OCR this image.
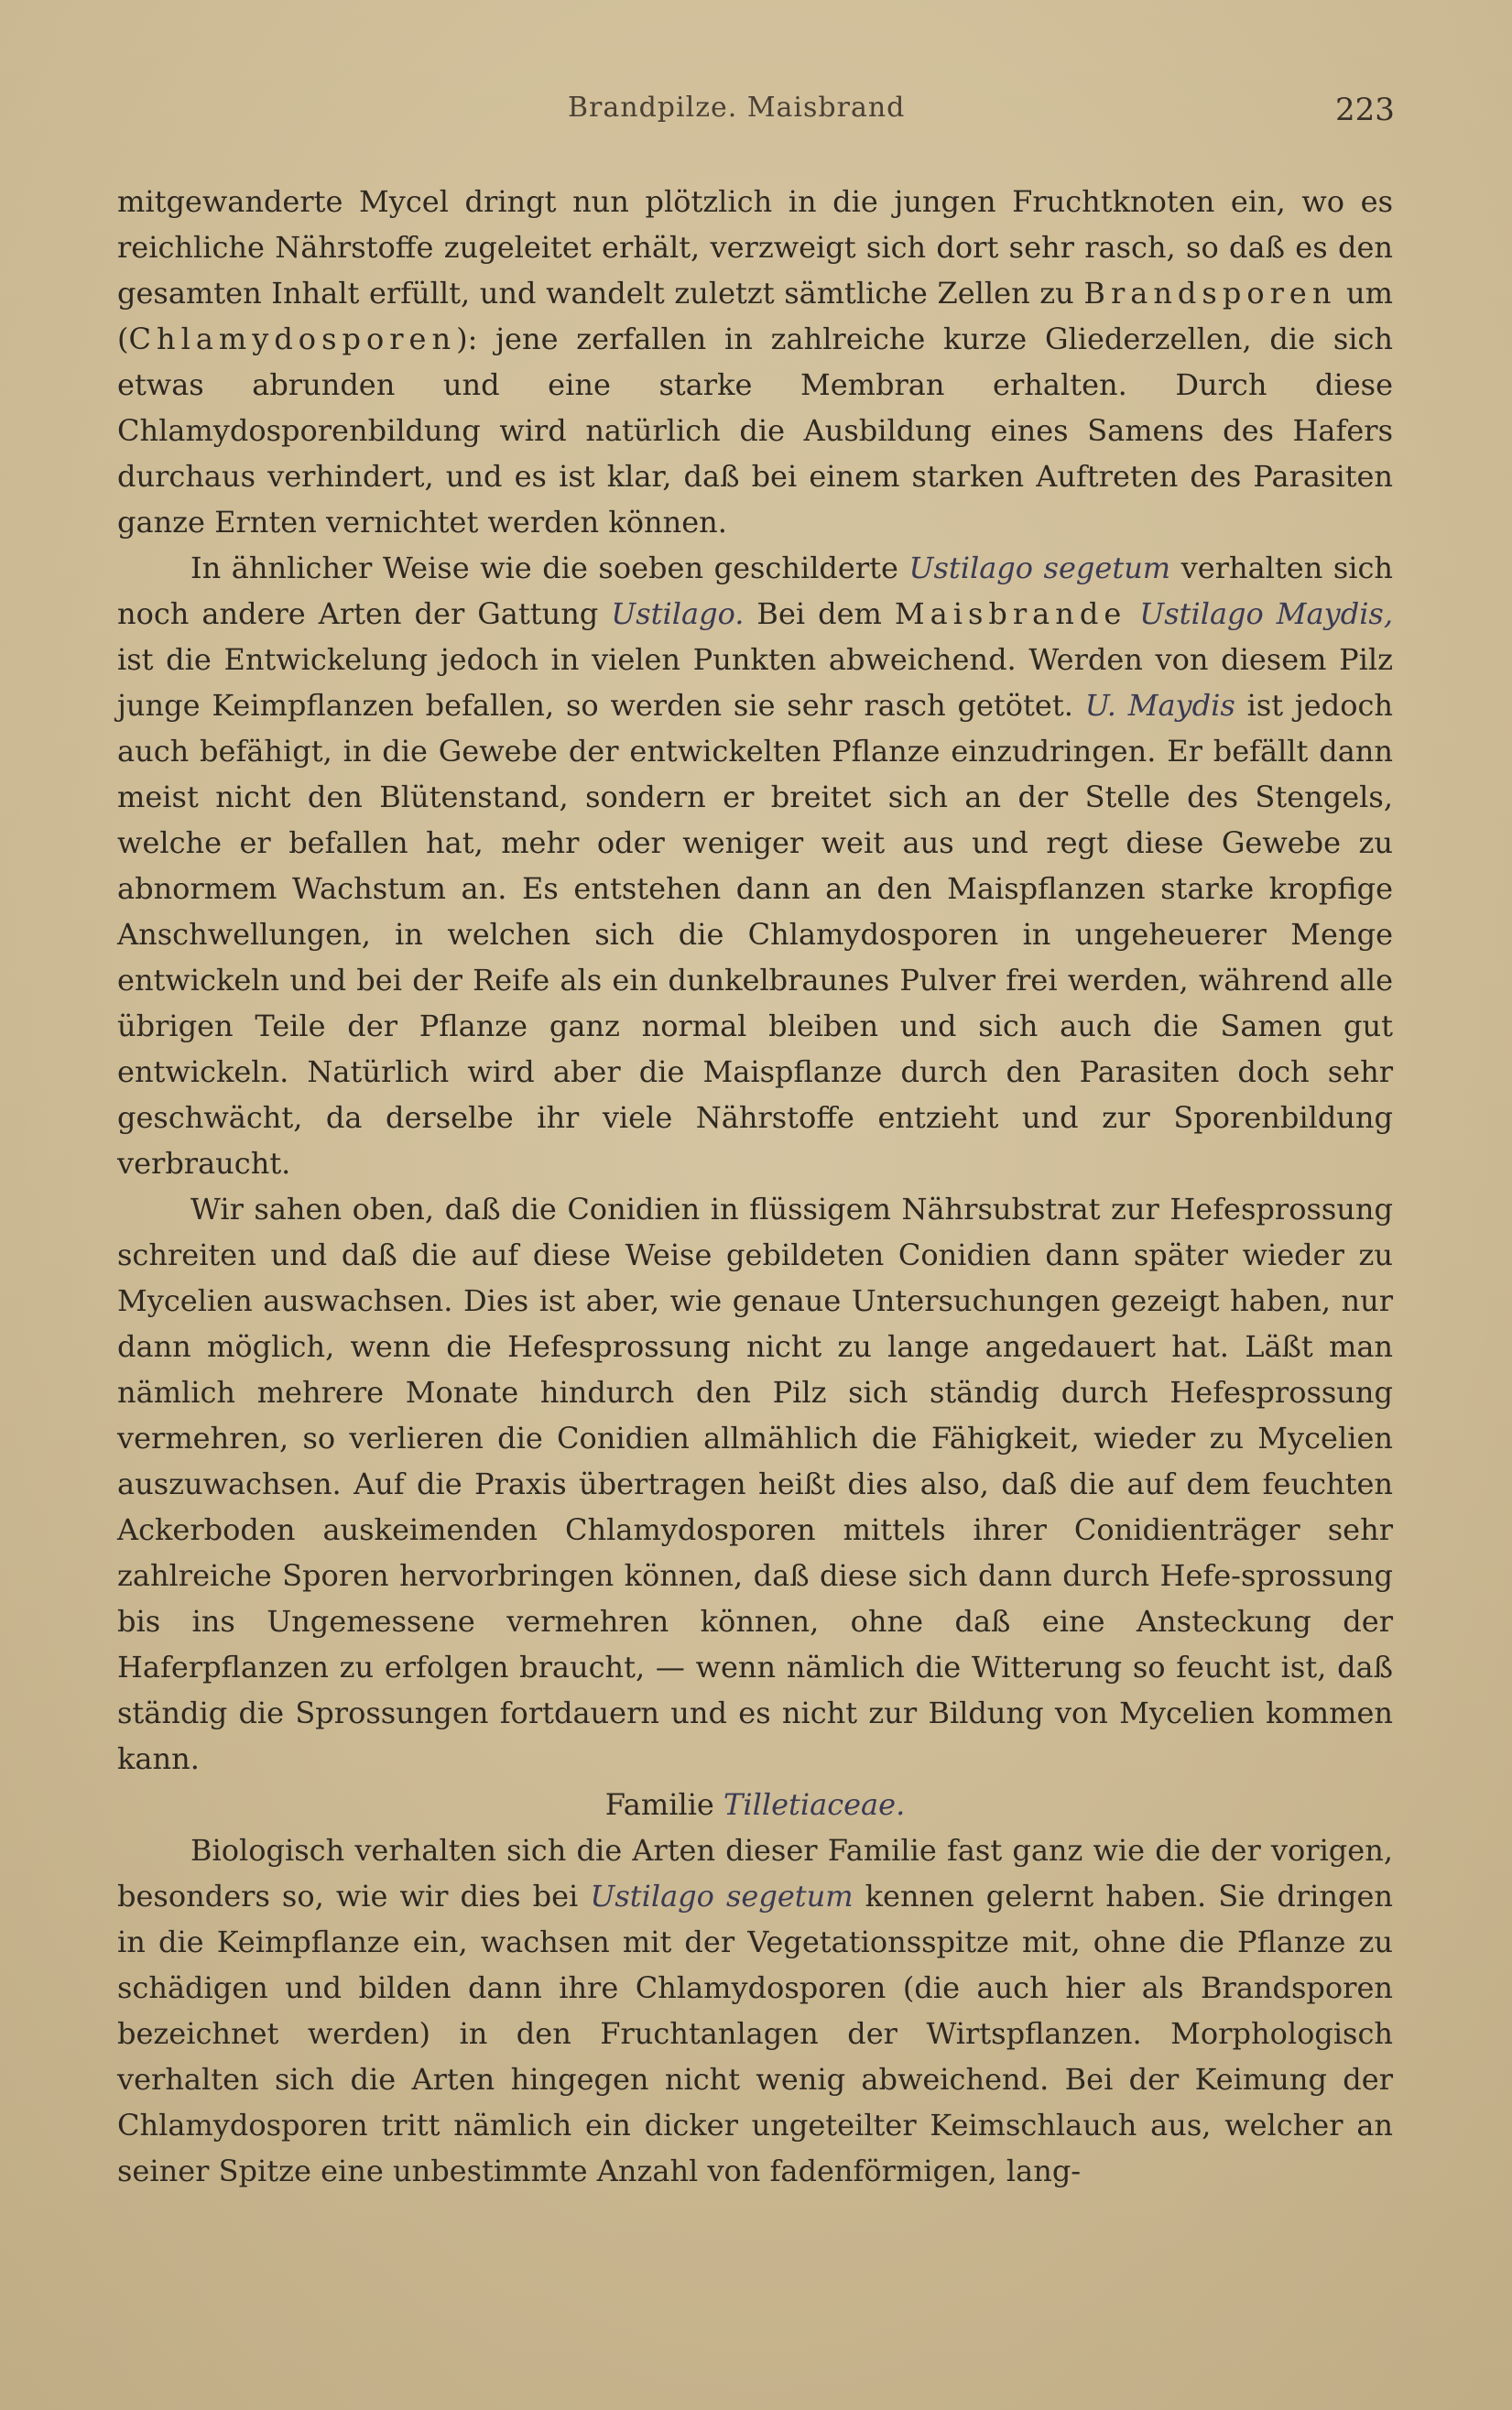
Brandpilze. Maisbrand	223

mitgewanderte Mycel dringt nun plötzlich in die jungen Fruchtknoten ein, wo es reichliche Nährstoffe zugeleitet erhält, verzweigt sich dort sehr rasch, so daß es den gesamten Inhalt erfüllt, und wandelt zuletzt sämtliche Zellen zu Brandsporen um (Chlamydosporen): jene zerfallen in zahlreiche kurze Gliederzellen, die sich etwas abrunden und eine starke Membran erhalten. Durch diese Chlamydosporenbildung wird natürlich die Ausbildung eines Samens des Hafers durchaus verhindert, und es ist klar, daß bei einem starken Auftreten des Parasiten ganze Ernten vernichtet werden können.

In ähnlicher Weise wie die soeben geschilderte Ustilago segetum verhalten sich noch andere Arten der Gattung Ustilago. Bei dem Maisbrande Ustilago Maydis, ist die Entwickelung jedoch in vielen Punkten abweichend. Werden von diesem Pilz junge Keimpflanzen befallen, so werden sie sehr rasch getötet. U. Maydis ist jedoch auch befähigt, in die Gewebe der entwickelten Pflanze einzudringen. Er befällt dann meist nicht den Blütenstand, sondern er breitet sich an der Stelle des Stengels, welche er befallen hat, mehr oder weniger weit aus und regt diese Gewebe zu abnormem Wachstum an. Es entstehen dann an den Maispflanzen starke kropfige Anschwellungen, in welchen sich die Chlamydosporen in ungeheuerer Menge entwickeln und bei der Reife als ein dunkelbraunes Pulver frei werden, während alle übrigen Teile der Pflanze ganz normal bleiben und sich auch die Samen gut entwickeln. Natürlich wird aber die Maispflanze durch den Parasiten doch sehr geschwächt, da derselbe ihr viele Nährstoffe entzieht und zur Sporenbildung verbraucht.

Wir sahen oben, daß die Conidien in flüssigem Nährsubstrat zur Hefesprossung schreiten und daß die auf diese Weise gebildeten Conidien dann später wieder zu Mycelien auswachsen. Dies ist aber, wie genaue Untersuchungen gezeigt haben, nur dann möglich, wenn die Hefesprossung nicht zu lange angedauert hat. Läßt man nämlich mehrere Monate hindurch den Pilz sich ständig durch Hefesprossung vermehren, so verlieren die Conidien allmählich die Fähigkeit, wieder zu Mycelien auszuwachsen. Auf die Praxis übertragen heißt dies also, daß die auf dem feuchten Ackerboden auskeimenden Chlamydosporen mittels ihrer Conidienträger sehr zahlreiche Sporen hervorbringen können, daß diese sich dann durch Hefe-sprossung bis ins Ungemessene vermehren können, ohne daß eine Ansteckung der Haferpflanzen zu erfolgen braucht, — wenn nämlich die Witterung so feucht ist, daß ständig die Sprossungen fortdauern und es nicht zur Bildung von Mycelien kommen kann.

Familie Tilletiaceae.

Biologisch verhalten sich die Arten dieser Familie fast ganz wie die der vorigen, besonders so, wie wir dies bei Ustilago segetum kennen gelernt haben. Sie dringen in die Keimpflanze ein, wachsen mit der Vegetationsspitze mit, ohne die Pflanze zu schädigen und bilden dann ihre Chlamydosporen (die auch hier als Brandsporen bezeichnet werden) in den Fruchtanlagen der Wirtspflanzen. Morphologisch verhalten sich die Arten hingegen nicht wenig abweichend. Bei der Keimung der Chlamydosporen tritt nämlich ein dicker ungeteilter Keimschlauch aus, welcher an seiner Spitze eine unbestimmte Anzahl von fadenförmigen, lang-
